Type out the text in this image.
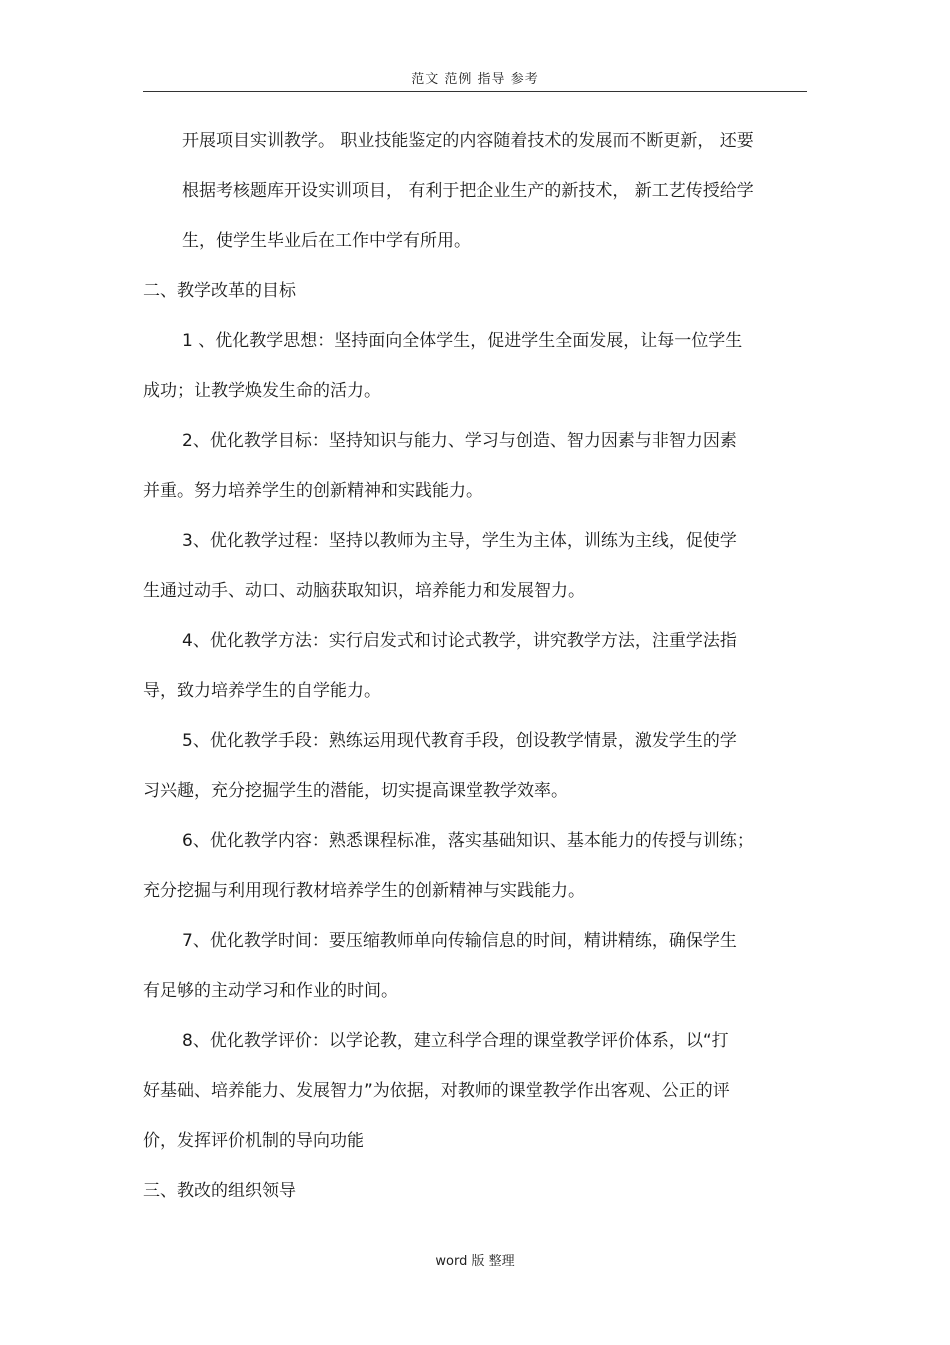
范文 范例 指导 参考
开展项目实训教学。 职业技能鉴定的内容随着技术的发展而不断更新， 还要
根据考核题库开设实训项目， 有利于把企业生产的新技术， 新工艺传授给学
生，使学生毕业后在工作中学有所用。
二、教学改革的目标
1 、优化教学思想：坚持面向全体学生，促进学生全面发展，让每一位学生
成功；让教学焕发生命的活力。
2、优化教学目标：坚持知识与能力、学习与创造、智力因素与非智力因素
并重。努力培养学生的创新精神和实践能力。
3、优化教学过程：坚持以教师为主导，学生为主体，训练为主线，促使学
生通过动手、动口、动脑获取知识，培养能力和发展智力。
4、优化教学方法：实行启发式和讨论式教学，讲究教学方法，注重学法指
导，致力培养学生的自学能力。
5、优化教学手段：熟练运用现代教育手段，创设教学情景，激发学生的学
习兴趣，充分挖掘学生的潜能，切实提高课堂教学效率。
6、优化教学内容：熟悉课程标准，落实基础知识、基本能力的传授与训练；
充分挖掘与利用现行教材培养学生的创新精神与实践能力。
7、优化教学时间：要压缩教师单向传输信息的时间，精讲精练，确保学生
有足够的主动学习和作业的时间。
8、优化教学评价：以学论教，建立科学合理的课堂教学评价体系，以“打
好基础、培养能力、发展智力”为依据，对教师的课堂教学作出客观、公正的评
价，发挥评价机制的导向功能
三、教改的组织领导
word 版 整理
